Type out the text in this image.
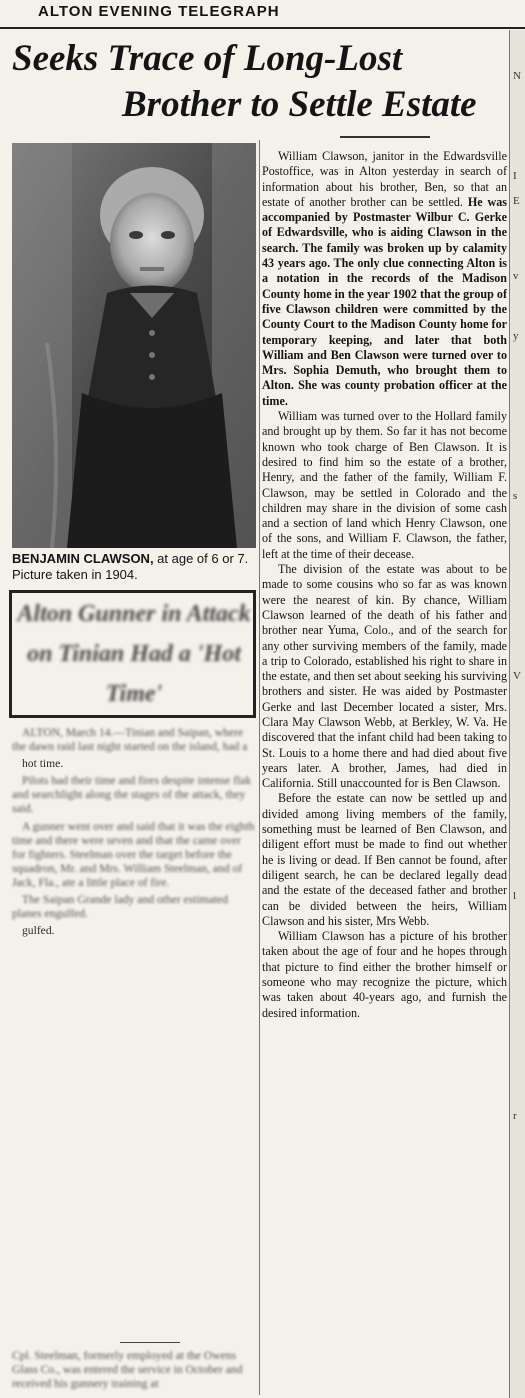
ALTON EVENING TELEGRAPH
Seeks Trace of Long-Lost
Brother to Settle Estate
N
I
E
v
y
s
V
l
r
BENJAMIN CLAWSON, at age of 6 or 7. Picture taken in 1904.
Alton Gunner in Attack on Tinian Had a 'Hot Time'

ALTON, March 14.—Tinian and Saipan, where the dawn raid last night started on the island, had a

hot time.

Pilots had their time and fires despite intense flak and searchlight along the stages of the attack, they said.

A gunner went over and said that it was the eighth time and there were seven and that the came over for fighters. Steelman over the target before the squadron, Mr. and Mrs. William Steelman, and of Jack, Fla., ate a little place of fire.

The Saipan Grande lady and other estimated planes engulfed.

gulfed.

Cpl. Steelman, formerly employed at the Owens Glass Co., was entered the service in October and received his gunnery training at

William Clawson, janitor in the Edwardsville Postoffice, was in Alton yesterday in search of information about his brother, Ben, so that an estate of another brother can be settled. He was accompanied by Postmaster Wilbur C. Gerke of Edwardsville, who is aiding Clawson in the search. The family was broken up by calamity 43 years ago. The only clue connecting Alton is a notation in the records of the Madison County home in the year 1902 that the group of five Clawson children were committed by the County Court to the Madison County home for temporary keeping, and later that both William and Ben Clawson were turned over to Mrs. Sophia Demuth, who brought them to Alton. She was county probation officer at the time.

William was turned over to the Hollard family and brought up by them. So far it has not become known who took charge of Ben Clawson. It is desired to find him so the estate of a brother, Henry, and the father of the family, William F. Clawson, may be settled in Colorado and the children may share in the division of some cash and a section of land which Henry Clawson, one of the sons, and William F. Clawson, the father, left at the time of their decease.

The division of the estate was about to be made to some cousins who so far as was known were the nearest of kin. By chance, William Clawson learned of the death of his father and brother near Yuma, Colo., and of the search for any other surviving members of the family, made a trip to Colorado, established his right to share in the estate, and then set about seeking his surviving brothers and sister. He was aided by Postmaster Gerke and last December located a sister, Mrs. Clara May Clawson Webb, at Berkley, W. Va. He discovered that the infant child had been taking to St. Louis to a home there and had died about five years later. A brother, James, had died in California. Still unaccounted for is Ben Clawson.

Before the estate can now be settled up and divided among living members of the family, something must be learned of Ben Clawson, and diligent effort must be made to find out whether he is living or dead. If Ben cannot be found, after diligent search, he can be declared legally dead and the estate of the deceased father and brother can be divided between the heirs, William Clawson and his sister, Mrs Webb.

William Clawson has a picture of his brother taken about the age of four and he hopes through that picture to find either the brother himself or someone who may recognize the picture, which was taken about 40-years ago, and furnish the desired information.
